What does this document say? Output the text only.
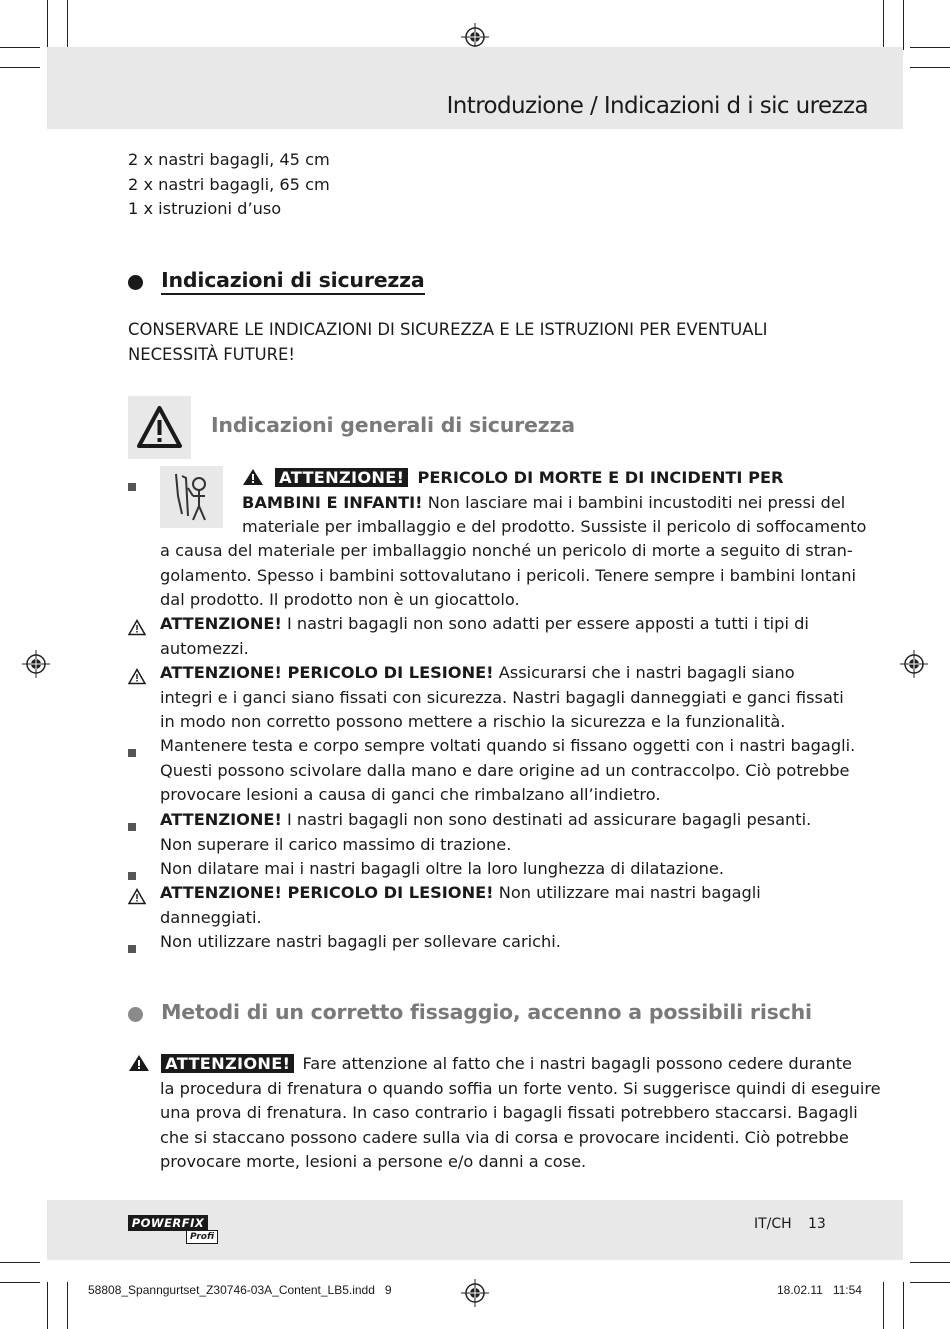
Introduzione / Indicazioni d i sic urezza
2 x nastri bagagli, 45 cm
2 x nastri bagagli, 65 cm
1 x istruzioni d’uso
Indicazioni di sicurezza
CONSERVARE LE INDICAZIONI DI SICUREZZA E LE ISTRUZIONI PER EVENTUALI
NECESSITÀ FUTURE!
Indicazioni generali di sicurezza
ATTENZIONE! PERICOLO DI MORTE E DI INCIDENTI PER
BAMBINI E INFANTI! Non lasciare mai i bambini incustoditi nei pressi del
materiale per imballaggio e del prodotto. Sussiste il pericolo di soffocamento
a causa del materiale per imballaggio nonché un pericolo di morte a seguito di stran-
golamento. Spesso i bambini sottovalutano i pericoli. Tenere sempre i bambini lontani
dal prodotto. Il prodotto non è un giocattolo.
ATTENZIONE! I nastri bagagli non sono adatti per essere apposti a tutti i tipi di
automezzi.
ATTENZIONE! PERICOLO DI LESIONE! Assicurarsi che i nastri bagagli siano
integri e i ganci siano fissati con sicurezza. Nastri bagagli danneggiati e ganci fissati
in modo non corretto possono mettere a rischio la sicurezza e la funzionalità.
Mantenere testa e corpo sempre voltati quando si fissano oggetti con i nastri bagagli.
Questi possono scivolare dalla mano e dare origine ad un contraccolpo. Ciò potrebbe
provocare lesioni a causa di ganci che rimbalzano all’indietro.
ATTENZIONE! I nastri bagagli non sono destinati ad assicurare bagagli pesanti.
Non superare il carico massimo di trazione.
Non dilatare mai i nastri bagagli oltre la loro lunghezza di dilatazione.
ATTENZIONE! PERICOLO DI LESIONE! Non utilizzare mai nastri bagagli
danneggiati.
Non utilizzare nastri bagagli per sollevare carichi.
Metodi di un corretto fissaggio, accenno a possibili rischi
ATTENZIONE! Fare attenzione al fatto che i nastri bagagli possono cedere durante
la procedura di frenatura o quando soffia un forte vento. Si suggerisce quindi di eseguire
una prova di frenatura. In caso contrario i bagagli fissati potrebbero staccarsi. Bagagli
che si staccano possono cadere sulla via di corsa e provocare incidenti. Ciò potrebbe
provocare morte, lesioni a persone e/o danni a cose.
POWERFIX
Profi
IT/CH 13
58808_Spanngurtset_Z30746-03A_Content_LB5.indd   9	18.02.11   11:54
